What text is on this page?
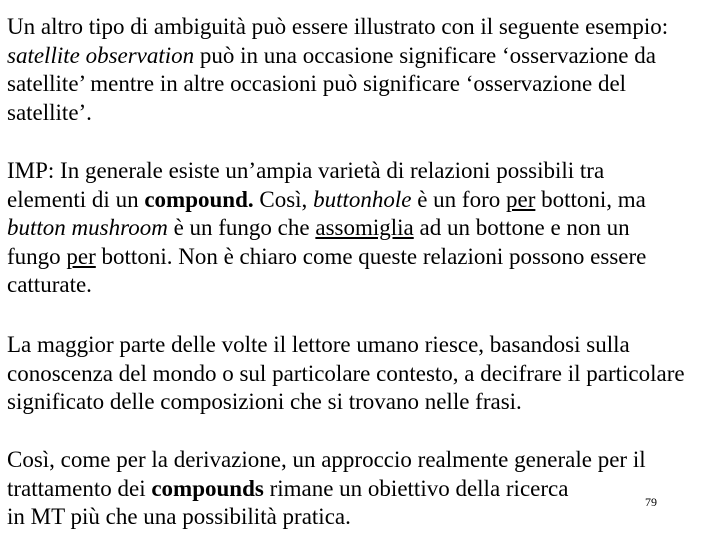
Un altro tipo di ambiguità può essere illustrato con il seguente esempio:
satellite observation può in una occasione significare ‘osservazione da
satellite’ mentre in altre occasioni può significare ‘osservazione del
satellite’.

IMP: In generale esiste un’ampia varietà di relazioni possibili tra
elementi di un compound. Così, buttonhole è un foro per bottoni, ma
button mushroom è un fungo che assomiglia ad un bottone e non un
fungo per bottoni. Non è chiaro come queste relazioni possono essere
catturate.

La maggior parte delle volte il lettore umano riesce, basandosi sulla
conoscenza del mondo o sul particolare contesto, a decifrare il particolare
significato delle composizioni che si trovano nelle frasi.

Così, come per la derivazione, un approccio realmente generale per il
trattamento dei compounds rimane un obiettivo della ricerca
in MT più che una possibilità pratica.

79
